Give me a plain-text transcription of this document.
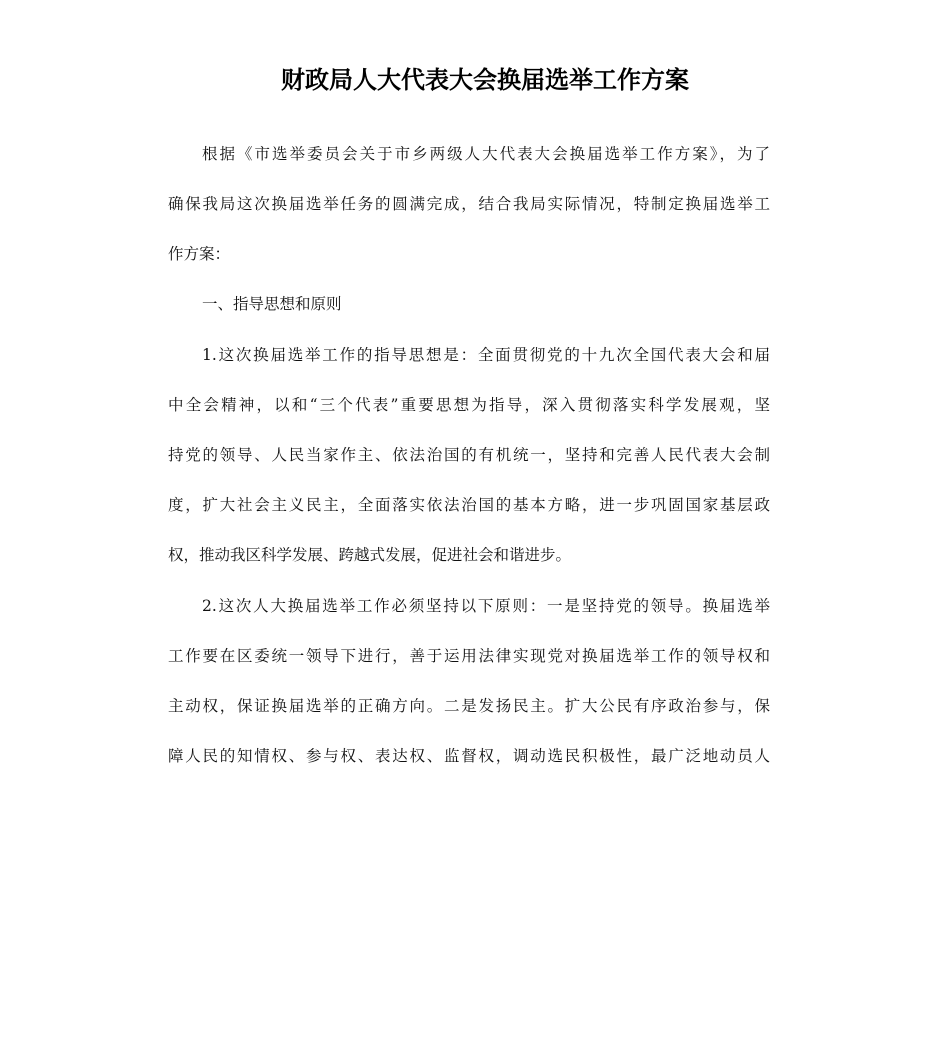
财政局人大代表大会换届选举工作方案

根据《市选举委员会关于市乡两级人大代表大会换届选举工作方案》，为了

确保我局这次换届选举任务的圆满完成，结合我局实际情况，特制定换届选举工

作方案：

一、指导思想和原则

1.这次换届选举工作的指导思想是：全面贯彻党的十九次全国代表大会和届

中全会精神，以和“三个代表”重要思想为指导，深入贯彻落实科学发展观，坚

持党的领导、人民当家作主、依法治国的有机统一，坚持和完善人民代表大会制

度，扩大社会主义民主，全面落实依法治国的基本方略，进一步巩固国家基层政

权，推动我区科学发展、跨越式发展，促进社会和谐进步。

2.这次人大换届选举工作必须坚持以下原则：一是坚持党的领导。换届选举

工作要在区委统一领导下进行，善于运用法律实现党对换届选举工作的领导权和

主动权，保证换届选举的正确方向。二是发扬民主。扩大公民有序政治参与，保

障人民的知情权、参与权、表达权、监督权，调动选民积极性，最广泛地动员人
